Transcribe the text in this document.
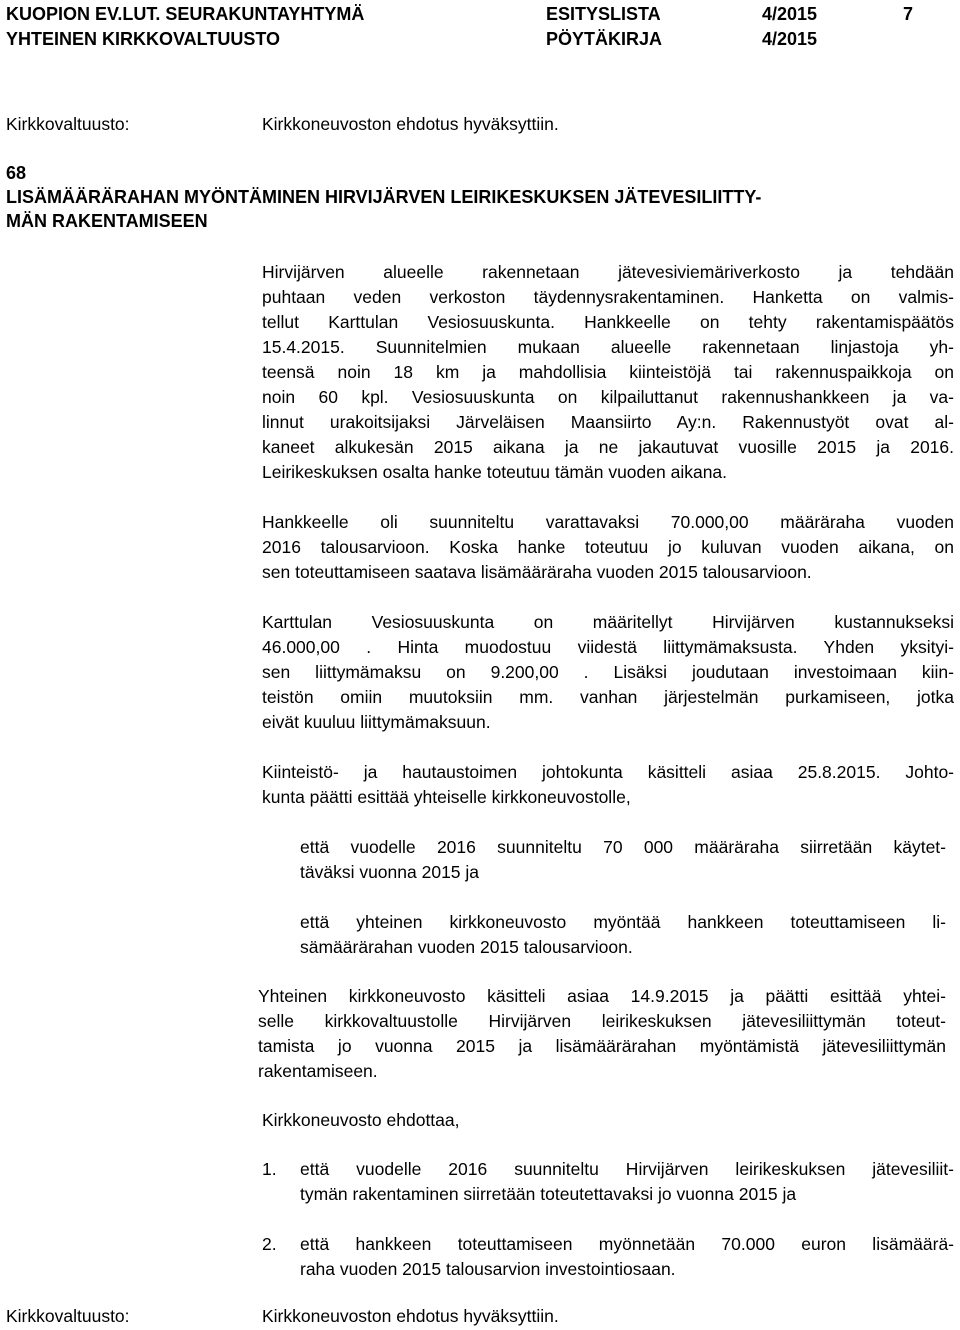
KUOPION EV.LUT. SEURAKUNTAYHTYMÄ
YHTEINEN KIRKKOVALTUUSTO
ESITYSLISTA
PÖYTÄKIRJA
4/2015
4/2015
7
Kirkkovaltuusto:	Kirkkoneuvoston ehdotus hyväksyttiin.
68
LISÄMÄÄRÄRAHAN MYÖNTÄMINEN HIRVIJÄRVEN LEIRIKESKUKSEN JÄTEVESILIITTY-
MÄN RAKENTAMISEEN
Hirvijärven alueelle rakennetaan jätevesiviemäriverkosto ja tehdään
puhtaan veden verkoston täydennysrakentaminen. Hanketta on valmis-
tellut Karttulan Vesiosuuskunta. Hankkeelle on tehty rakentamispäätös
15.4.2015. Suunnitelmien mukaan alueelle rakennetaan linjastoja yh-
teensä noin 18 km ja mahdollisia kiinteistöjä tai rakennuspaikkoja on
noin 60 kpl. Vesiosuuskunta on kilpailuttanut rakennushankkeen ja va-
linnut urakoitsijaksi Järveläisen Maansiirto Ay:n. Rakennustyöt ovat al-
kaneet alkukesän 2015 aikana ja ne jakautuvat vuosille 2015 ja 2016.
Leirikeskuksen osalta hanke toteutuu tämän vuoden aikana.
Hankkeelle oli suunniteltu varattavaksi 70.000,00 määräraha vuoden
2016 talousarvioon. Koska hanke toteutuu jo kuluvan vuoden aikana, on
sen toteuttamiseen saatava lisämääräraha vuoden 2015 talousarvioon.
Karttulan Vesiosuuskunta on määritellyt Hirvijärven kustannukseksi
46.000,00 . Hinta muodostuu viidestä liittymämaksusta. Yhden yksityi-
sen liittymämaksu on 9.200,00 . Lisäksi joudutaan investoimaan kiin-
teistön omiin muutoksiin mm. vanhan järjestelmän purkamiseen, jotka
eivät kuuluu liittymämaksuun.
Kiinteistö- ja hautaustoimen johtokunta käsitteli asiaa 25.8.2015. Johto-
kunta päätti esittää yhteiselle kirkkoneuvostolle,
että vuodelle 2016 suunniteltu 70 000 määräraha siirretään käytet-
täväksi vuonna 2015 ja
että yhteinen kirkkoneuvosto myöntää hankkeen toteuttamiseen li-
sämäärärahan vuoden 2015 talousarvioon.
Yhteinen kirkkoneuvosto käsitteli asiaa 14.9.2015 ja päätti esittää yhtei-
selle kirkkovaltuustolle Hirvijärven leirikeskuksen jätevesiliittymän toteut-
tamista jo vuonna 2015 ja lisämäärärahan myöntämistä jätevesiliittymän
rakentamiseen.
Kirkkoneuvosto ehdottaa,
1. että vuodelle 2016 suunniteltu Hirvijärven leirikeskuksen jätevesiliit-
tymän rakentaminen siirretään toteutettavaksi jo vuonna 2015 ja
2. että hankkeen toteuttamiseen myönnetään 70.000 euron lisämäärä-
raha vuoden 2015 talousarvion investointiosaan.
Kirkkovaltuusto:	Kirkkoneuvoston ehdotus hyväksyttiin.
